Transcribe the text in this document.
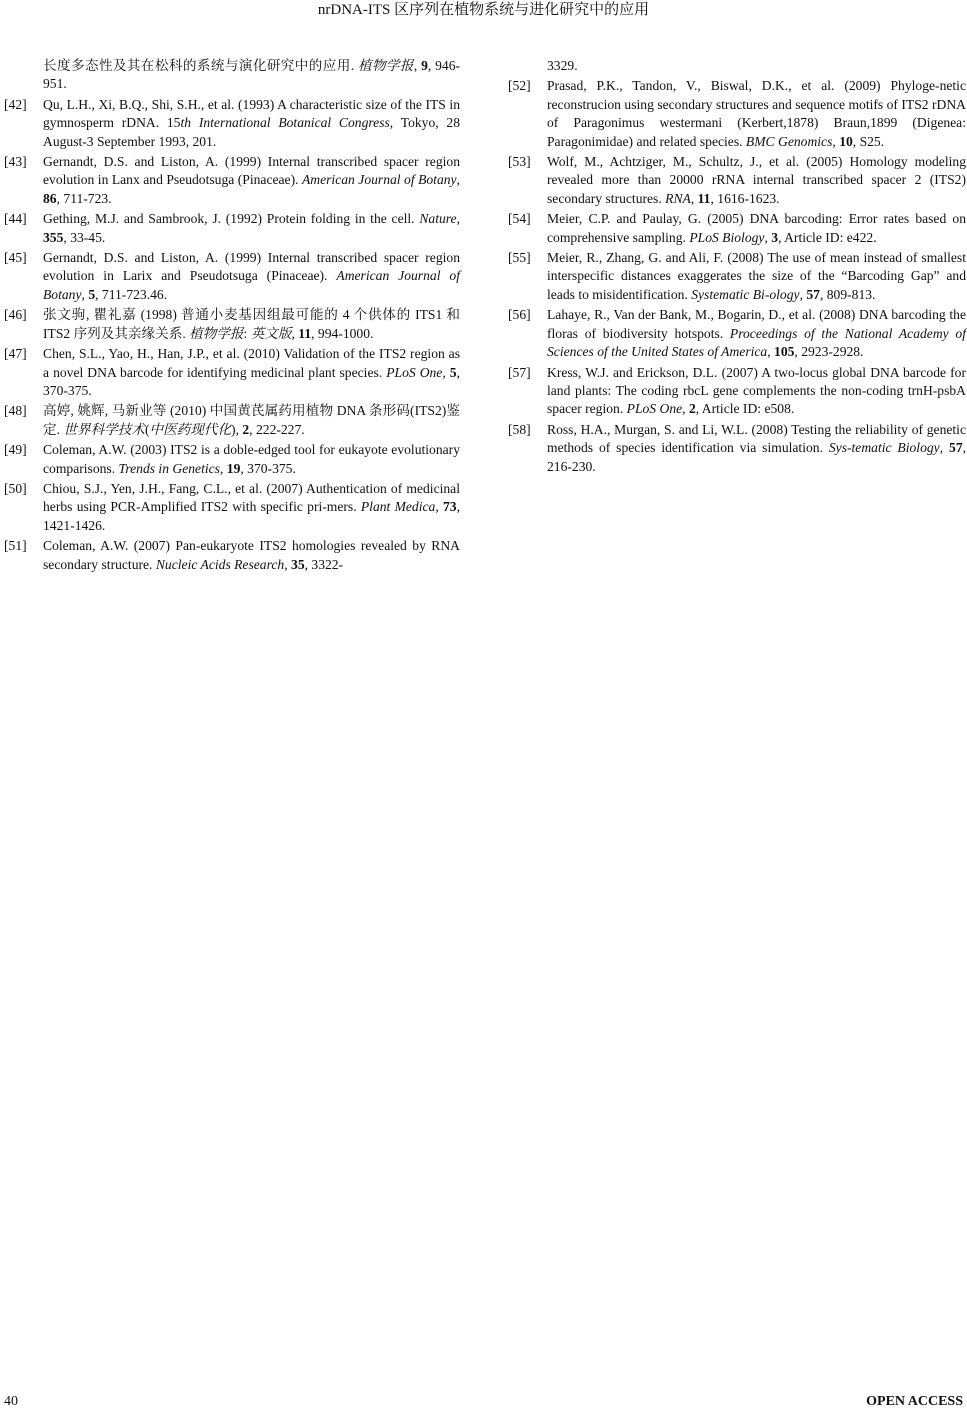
nrDNA-ITS 区序列在植物系统与进化研究中的应用
长度多态性及其在松科的系统与演化研究中的应用. 植物学报, 9, 946-951.
[42] Qu, L.H., Xi, B.Q., Shi, S.H., et al. (1993) A characteristic size of the ITS in gymnosperm rDNA. 15th International Botanical Congress, Tokyo, 28 August-3 September 1993, 201.
[43] Gernandt, D.S. and Liston, A. (1999) Internal transcribed spacer region evolution in Lanx and Pseudotsuga (Pinaceae). American Journal of Botany, 86, 711-723.
[44] Gething, M.J. and Sambrook, J. (1992) Protein folding in the cell. Nature, 355, 33-45.
[45] Gernandt, D.S. and Liston, A. (1999) Internal transcribed spacer region evolution in Larix and Pseudotsuga (Pinaceae). American Journal of Botany, 5, 711-723.46.
[46] 张文驹, 瞿礼嘉 (1998) 普通小麦基因组最可能的 4 个供体的 ITS1 和 ITS2 序列及其亲缘关系. 植物学报: 英文版, 11, 994-1000.
[47] Chen, S.L., Yao, H., Han, J.P., et al. (2010) Validation of the ITS2 region as a novel DNA barcode for identifying medicinal plant species. PLoS One, 5, 370-375.
[48] 高婷, 姚辉, 马新业等 (2010) 中国黄芪属药用植物 DNA 条形码(ITS2)鉴定. 世界科学技术(中医药现代化), 2, 222-227.
[49] Coleman, A.W. (2003) ITS2 is a doble-edged tool for eukayote evolutionary comparisons. Trends in Genetics, 19, 370-375.
[50] Chiou, S.J., Yen, J.H., Fang, C.L., et al. (2007) Authentication of medicinal herbs using PCR-Amplified ITS2 with specific pri-mers. Plant Medica, 73, 1421-1426.
[51] Coleman, A.W. (2007) Pan-eukaryote ITS2 homologies revealed by RNA secondary structure. Nucleic Acids Research, 35, 3322-
3329.
[52] Prasad, P.K., Tandon, V., Biswal, D.K., et al. (2009) Phyloge-netic reconstrucion using secondary structures and sequence motifs of ITS2 rDNA of Paragonimus westermani (Kerbert,1878) Braun,1899 (Digenea: Paragonimidae) and related species. BMC Genomics, 10, S25.
[53] Wolf, M., Achtziger, M., Schultz, J., et al. (2005) Homology modeling revealed more than 20000 rRNA internal transcribed spacer 2 (ITS2) secondary structures. RNA, 11, 1616-1623.
[54] Meier, C.P. and Paulay, G. (2005) DNA barcoding: Error rates based on comprehensive sampling. PLoS Biology, 3, Article ID: e422.
[55] Meier, R., Zhang, G. and Ali, F. (2008) The use of mean instead of smallest interspecific distances exaggerates the size of the “Barcoding Gap” and leads to misidentification. Systematic Bi-ology, 57, 809-813.
[56] Lahaye, R., Van der Bank, M., Bogarin, D., et al. (2008) DNA barcoding the floras of biodiversity hotspots. Proceedings of the National Academy of Sciences of the United States of America, 105, 2923-2928.
[57] Kress, W.J. and Erickson, D.L. (2007) A two-locus global DNA barcode for land plants: The coding rbcL gene complements the non-coding trnH-psbA spacer region. PLoS One, 2, Article ID: e508.
[58] Ross, H.A., Murgan, S. and Li, W.L. (2008) Testing the reliability of genetic methods of species identification via simulation. Sys-tematic Biology, 57, 216-230.
40	OPEN ACCESS
